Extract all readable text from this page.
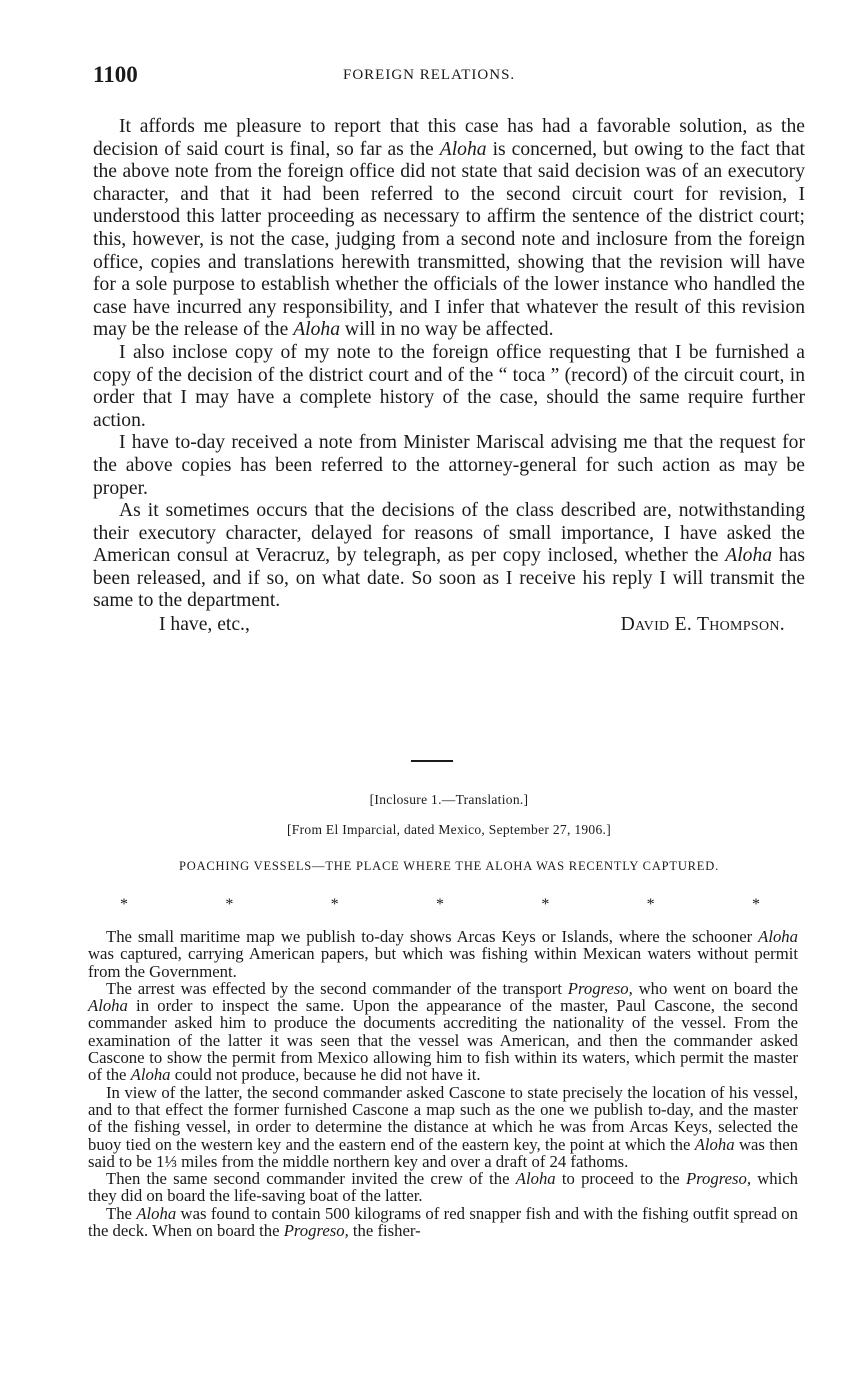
1100	FOREIGN RELATIONS.

It affords me pleasure to report that this case has had a favorable solution, as the decision of said court is final, so far as the Aloha is concerned, but owing to the fact that the above note from the foreign office did not state that said decision was of an executory character, and that it had been referred to the second circuit court for revision, I understood this latter proceeding as necessary to affirm the sentence of the district court; this, however, is not the case, judging from a second note and inclosure from the foreign office, copies and translations herewith transmitted, showing that the revision will have for a sole purpose to establish whether the officials of the lower instance who handled the case have incurred any responsibility, and I infer that whatever the result of this revision may be the release of the Aloha will in no way be affected.

I also inclose copy of my note to the foreign office requesting that I be furnished a copy of the decision of the district court and of the “ toca ” (record) of the circuit court, in order that I may have a complete history of the case, should the same require further action.

I have to-day received a note from Minister Mariscal advising me that the request for the above copies has been referred to the attorney-general for such action as may be proper.

As it sometimes occurs that the decisions of the class described are, notwithstanding their executory character, delayed for reasons of small importance, I have asked the American consul at Veracruz, by telegraph, as per copy inclosed, whether the Aloha has been released, and if so, on what date. So soon as I receive his reply I will transmit the same to the department.

I have, etc.,	David E. Thompson.
[Inclosure 1.—Translation.]
[From El Imparcial, dated Mexico, September 27, 1906.]
POACHING VESSELS—THE PLACE WHERE THE ALOHA WAS RECENTLY CAPTURED.
*	*	*	*	*	*	*

The small maritime map we publish to-day shows Arcas Keys or Islands, where the schooner Aloha was captured, carrying American papers, but which was fishing within Mexican waters without permit from the Government.

The arrest was effected by the second commander of the transport Progreso, who went on board the Aloha in order to inspect the same. Upon the appearance of the master, Paul Cascone, the second commander asked him to produce the documents accrediting the nationality of the vessel. From the examination of the latter it was seen that the vessel was American, and then the commander asked Cascone to show the permit from Mexico allowing him to fish within its waters, which permit the master of the Aloha could not produce, because he did not have it.

In view of the latter, the second commander asked Cascone to state precisely the location of his vessel, and to that effect the former furnished Cascone a map such as the one we publish to-day, and the master of the fishing vessel, in order to determine the distance at which he was from Arcas Keys, selected the buoy tied on the western key and the eastern end of the eastern key, the point at which the Aloha was then said to be 1⅓ miles from the middle northern key and over a draft of 24 fathoms.

Then the same second commander invited the crew of the Aloha to proceed to the Progreso, which they did on board the life-saving boat of the latter.

The Aloha was found to contain 500 kilograms of red snapper fish and with the fishing outfit spread on the deck. When on board the Progreso, the fisher-
